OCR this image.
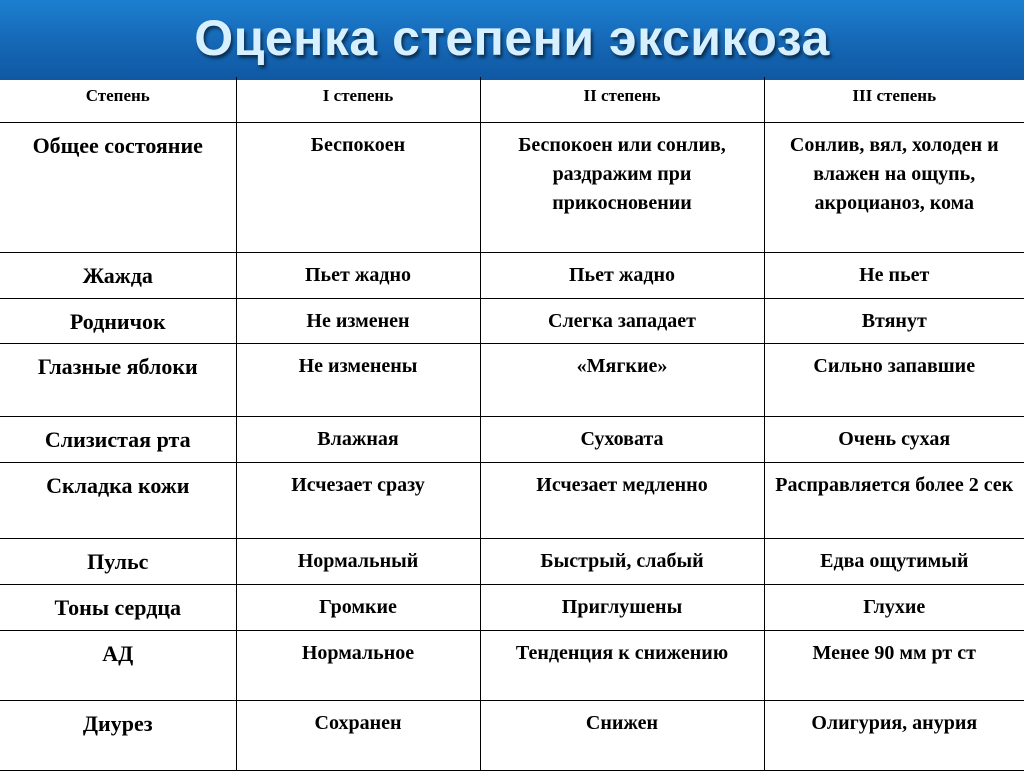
Оценка степени эксикоза
Степень	I степень	II степень	III степень
Общее состояние	Беспокоен	Беспокоен или сонлив, раздражим при прикосновении	Сонлив, вял, холоден и влажен на ощупь, акроцианоз, кома
Жажда	Пьет жадно	Пьет жадно	Не пьет
Родничок	Не изменен	Слегка западает	Втянут
Глазные яблоки	Не изменены	«Мягкие»	Сильно запавшие
Слизистая рта	Влажная	Суховата	Очень сухая
Складка кожи	Исчезает сразу	Исчезает медленно	Расправляется более 2 сек
Пульс	Нормальный	Быстрый, слабый	Едва ощутимый
Тоны сердца	Громкие	Приглушены	Глухие
АД	Нормальное	Тенденция к снижению	Менее 90 мм рт ст
Диурез	Сохранен	Снижен	Олигурия, анурия
